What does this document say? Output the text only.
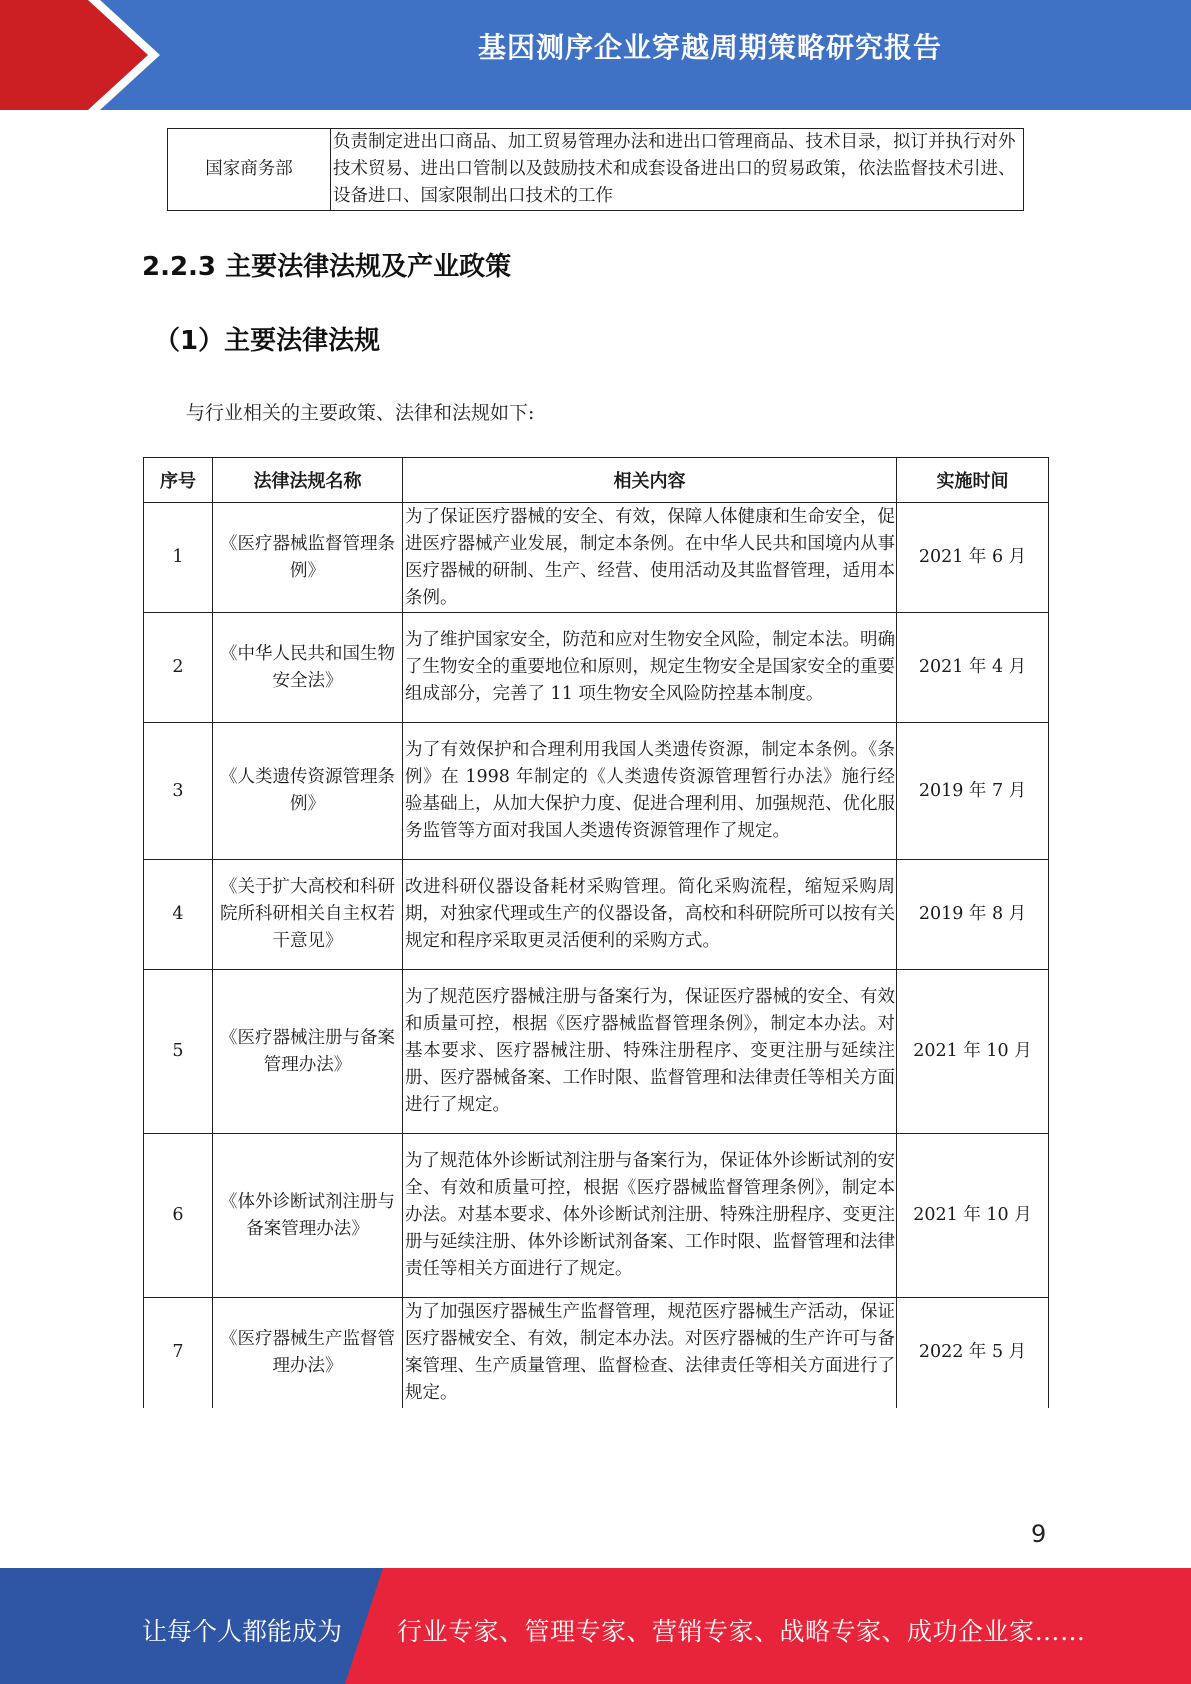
基因测序企业穿越周期策略研究报告
国家商务部	负责制定进出口商品、加工贸易管理办法和进出口管理商品、技术目录，拟订并执行对外技术贸易、进出口管制以及鼓励技术和成套设备进出口的贸易政策，依法监督技术引进、设备进口、国家限制出口技术的工作
2.2.3 主要法律法规及产业政策
（1）主要法律法规
与行业相关的主要政策、法律和法规如下:
序号	法律法规名称	相关内容	实施时间
1	《医疗器械监督管理条例》	为了保证医疗器械的安全、有效，保障人体健康和生命安全，促进医疗器械产业发展，制定本条例。在中华人民共和国境内从事医疗器械的研制、生产、经营、使用活动及其监督管理，适用本条例。	2021 年 6 月
2	《中华人民共和国生物安全法》	为了维护国家安全，防范和应对生物安全风险，制定本法。明确了生物安全的重要地位和原则，规定生物安全是国家安全的重要组成部分，完善了 11 项生物安全风险防控基本制度。	2021 年 4 月
3	《人类遗传资源管理条例》	为了有效保护和合理利用我国人类遗传资源，制定本条例。《条例》在 1998 年制定的《人类遗传资源管理暂行办法》施行经验基础上，从加大保护力度、促进合理利用、加强规范、优化服务监管等方面对我国人类遗传资源管理作了规定。	2019 年 7 月
4	《关于扩大高校和科研院所科研相关自主权若干意见》	改进科研仪器设备耗材采购管理。简化采购流程，缩短采购周期，对独家代理或生产的仪器设备，高校和科研院所可以按有关规定和程序采取更灵活便利的采购方式。	2019 年 8 月
5	《医疗器械注册与备案管理办法》	为了规范医疗器械注册与备案行为，保证医疗器械的安全、有效和质量可控，根据《医疗器械监督管理条例》，制定本办法。对基本要求、医疗器械注册、特殊注册程序、变更注册与延续注册、医疗器械备案、工作时限、监督管理和法律责任等相关方面进行了规定。	2021 年 10 月
6	《体外诊断试剂注册与备案管理办法》	为了规范体外诊断试剂注册与备案行为，保证体外诊断试剂的安全、有效和质量可控，根据《医疗器械监督管理条例》，制定本办法。对基本要求、体外诊断试剂注册、特殊注册程序、变更注册与延续注册、体外诊断试剂备案、工作时限、监督管理和法律责任等相关方面进行了规定。	2021 年 10 月
7	《医疗器械生产监督管理办法》	为了加强医疗器械生产监督管理，规范医疗器械生产活动，保证医疗器械安全、有效，制定本办法。对医疗器械的生产许可与备案管理、生产质量管理、监督检查、法律责任等相关方面进行了规定。	2022 年 5 月
9
让每个人都能成为 行业专家、管理专家、营销专家、战略专家、成功企业家……
